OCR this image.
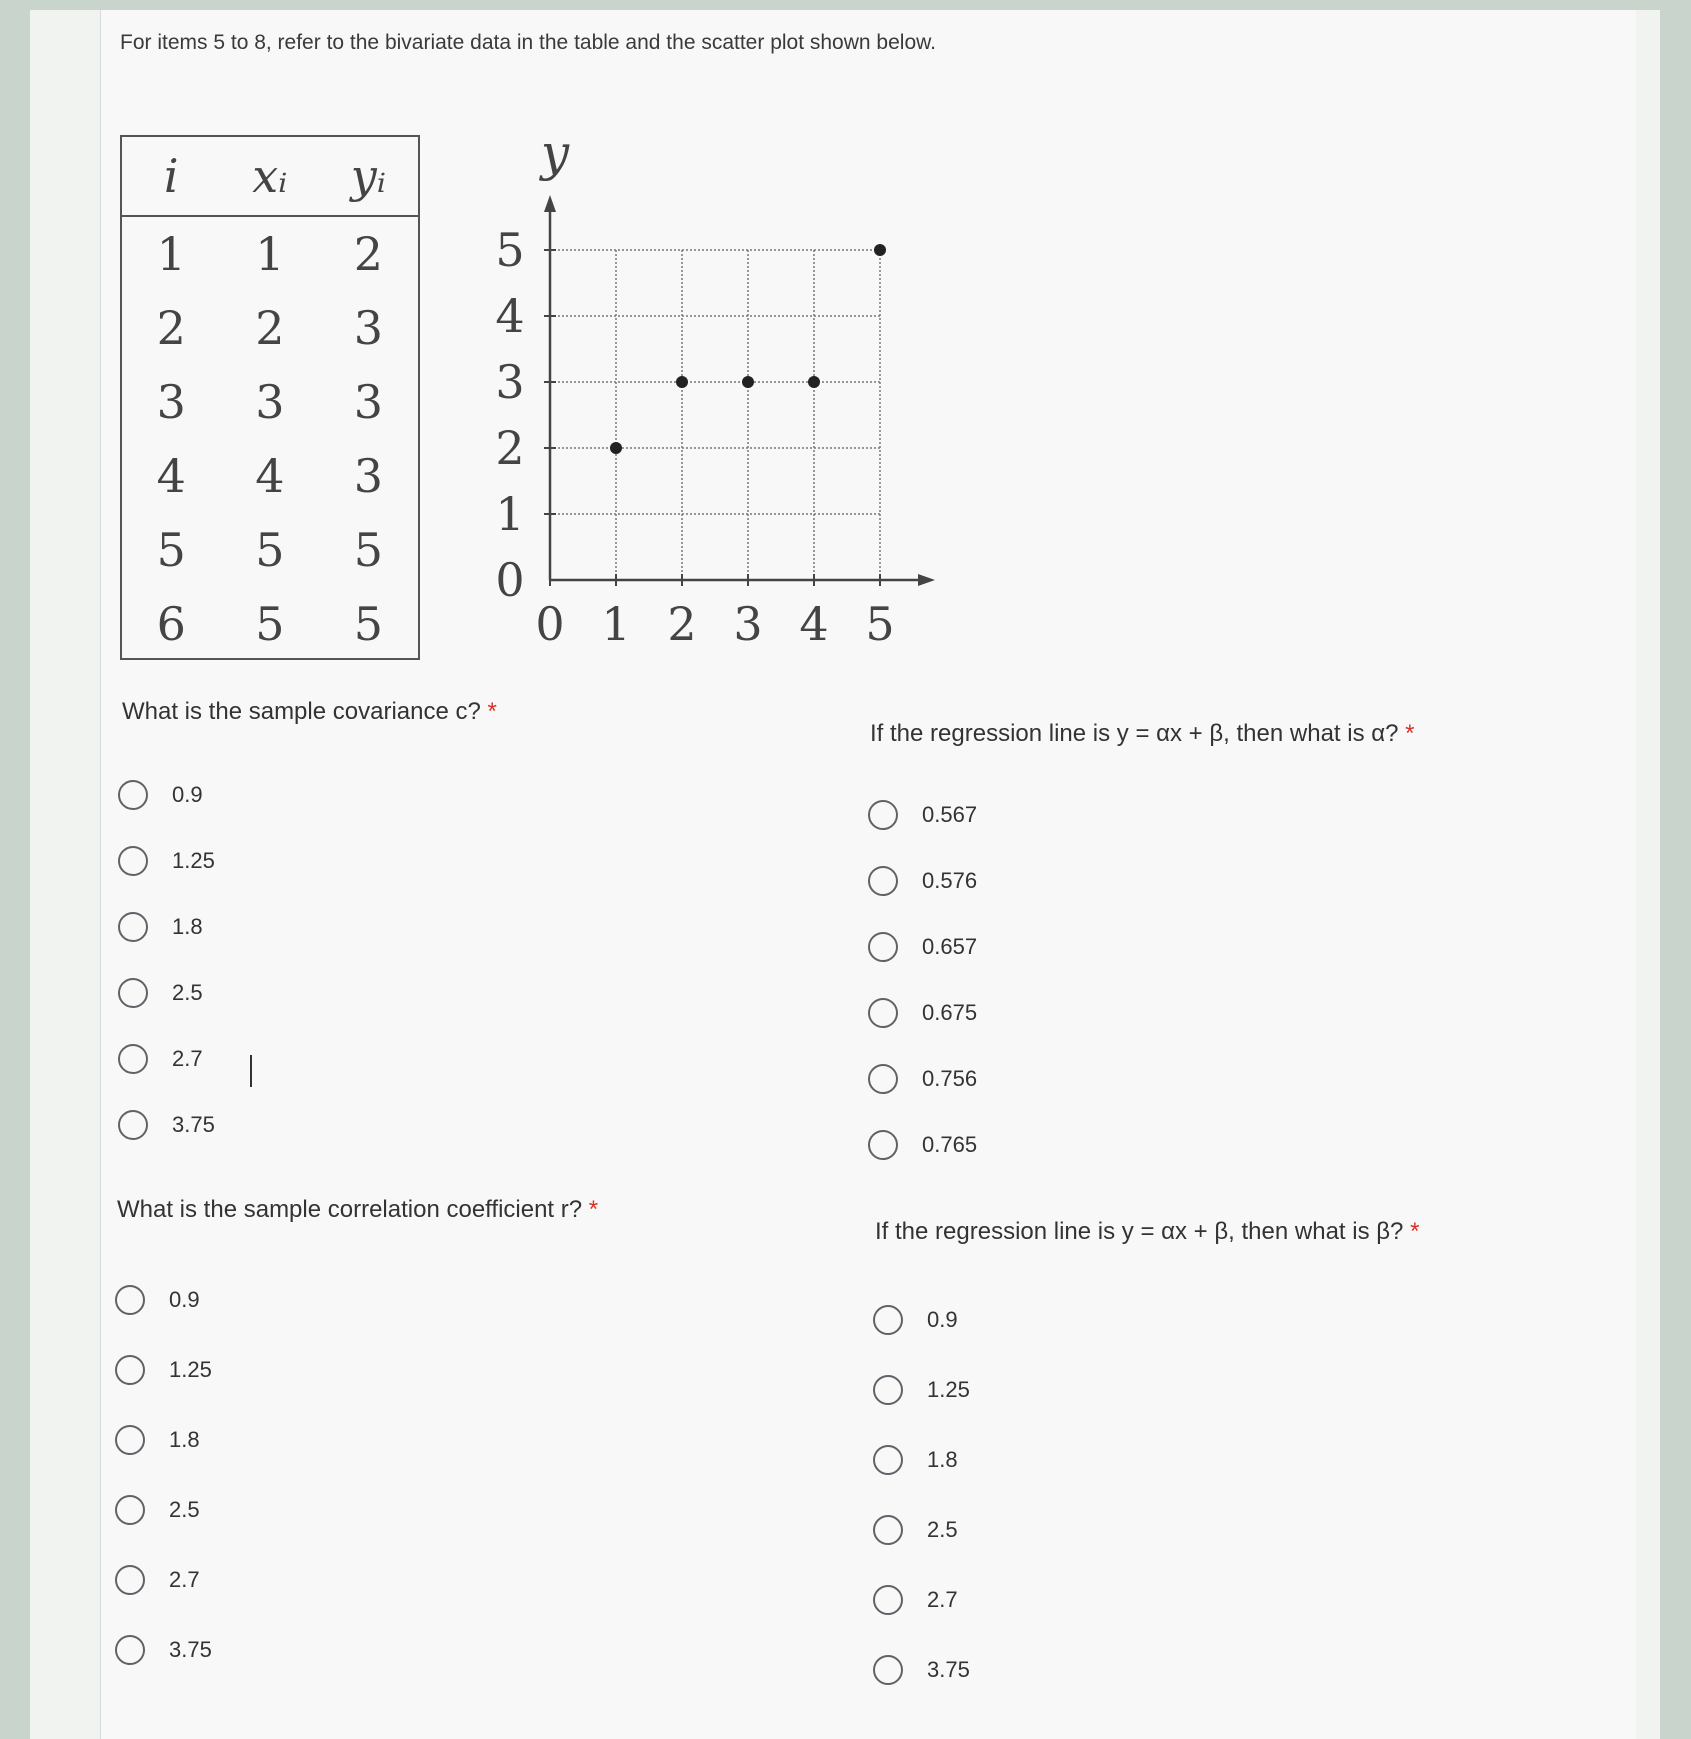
For items 5 to 8, refer to the bivariate data in the table and the scatter plot shown below.
i	xᵢ	yᵢ
1	1	2
2	2	3
3	3	3
4	4	3
5	5	5
6	5	5	0 1 2 3 4 5
0
1
2
3
4
5
y
What is the sample covariance c? *
0.9
1.25
1.8
2.5
2.7
3.75
If the regression line is y = αx + β, then what is α? *
0.567
0.576
0.657
0.675
0.756
0.765
What is the sample correlation coefficient r? *
0.9
1.25
1.8
2.5
2.7
3.75
If the regression line is y = αx + β, then what is β? *
0.9
1.25
1.8
2.5
2.7
3.75
